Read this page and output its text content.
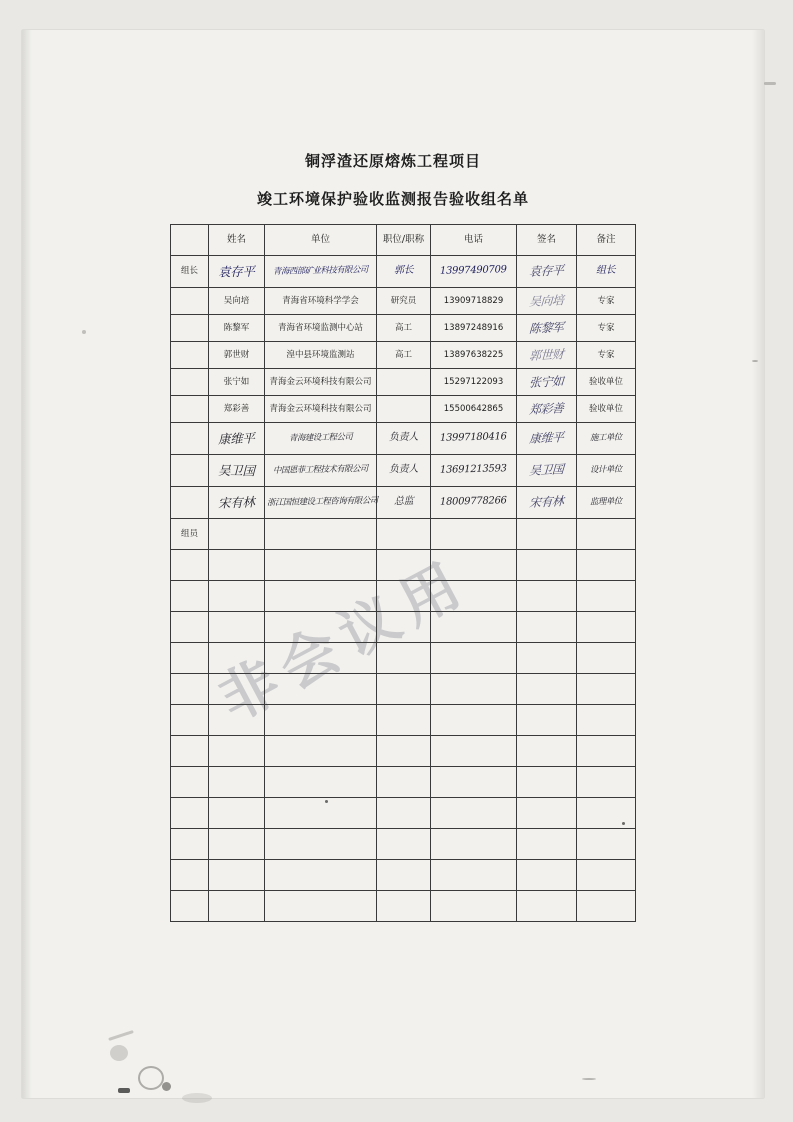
铜浮渣还原熔炼工程项目
竣工环境保护验收监测报告验收组名单
非会议用
	姓名	单位	职位/职称	电话	签名	备注
组长	袁存平	青海西部矿业科技有限公司	郭长	13997490709	袁存平	组长
	吴向培	青海省环境科学学会	研究员	13909718829	吴向培	专家
	陈黎军	青海省环境监测中心站	高工	13897248916	陈黎军	专家
	郭世财	湟中县环境监测站	高工	13897638225	郭世财	专家
	张宁如	青海金云环境科技有限公司		15297122093	张宁如	验收单位
	郑彩善	青海金云环境科技有限公司		15500642865	郑彩善	验收单位
	康维平	青海建设工程公司	负责人	13997180416	康维平	施工单位
	吴卫国	中国恩菲工程技术有限公司	负责人	13691213593	吴卫国	设计单位
	宋有林	浙江国恒建设工程咨询有限公司	总监	18009778266	宋有林	监理单位
组员						
